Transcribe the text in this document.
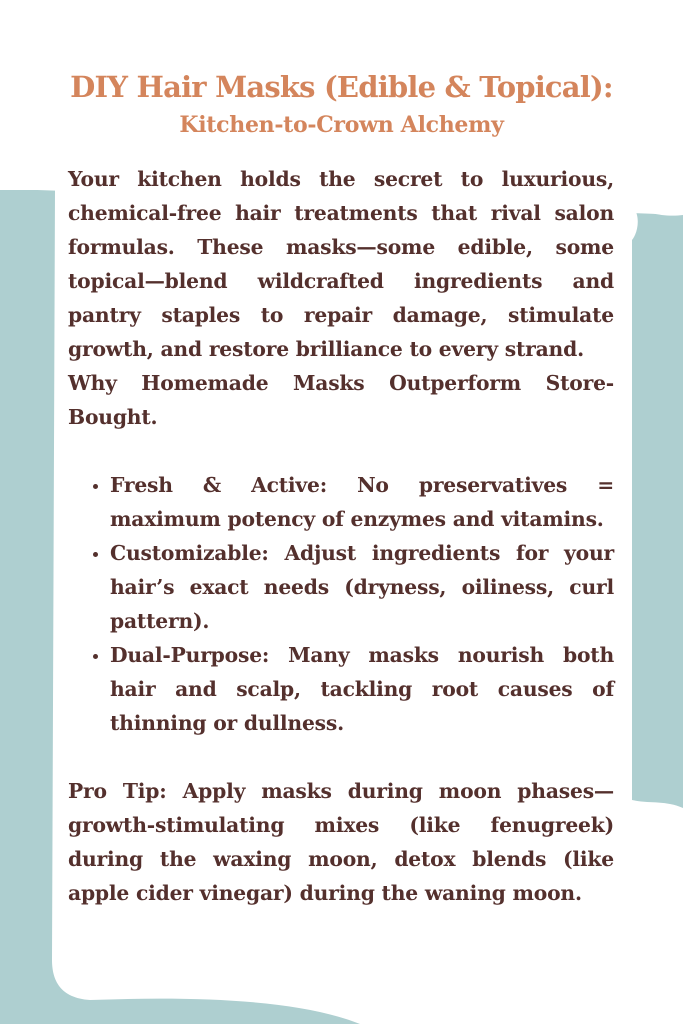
DIY Hair Masks (Edible & Topical):
Kitchen-to-Crown Alchemy

Your kitchen holds the secret to luxurious, chemical-free hair treatments that rival salon formulas. These masks—some edible, some topical—blend wildcrafted ingredients and pantry staples to repair damage, stimulate growth, and restore brilliance to every strand.

Why Homemade Masks Outperform Store-Bought.

• Fresh & Active: No preservatives = maximum potency of enzymes and vitamins.
• Customizable: Adjust ingredients for your hair’s exact needs (dryness, oiliness, curl pattern).
• Dual-Purpose: Many masks nourish both hair and scalp, tackling root causes of thinning or dullness.

Pro Tip: Apply masks during moon phases—growth-stimulating mixes (like fenugreek) during the waxing moon, detox blends (like apple cider vinegar) during the waning moon.
